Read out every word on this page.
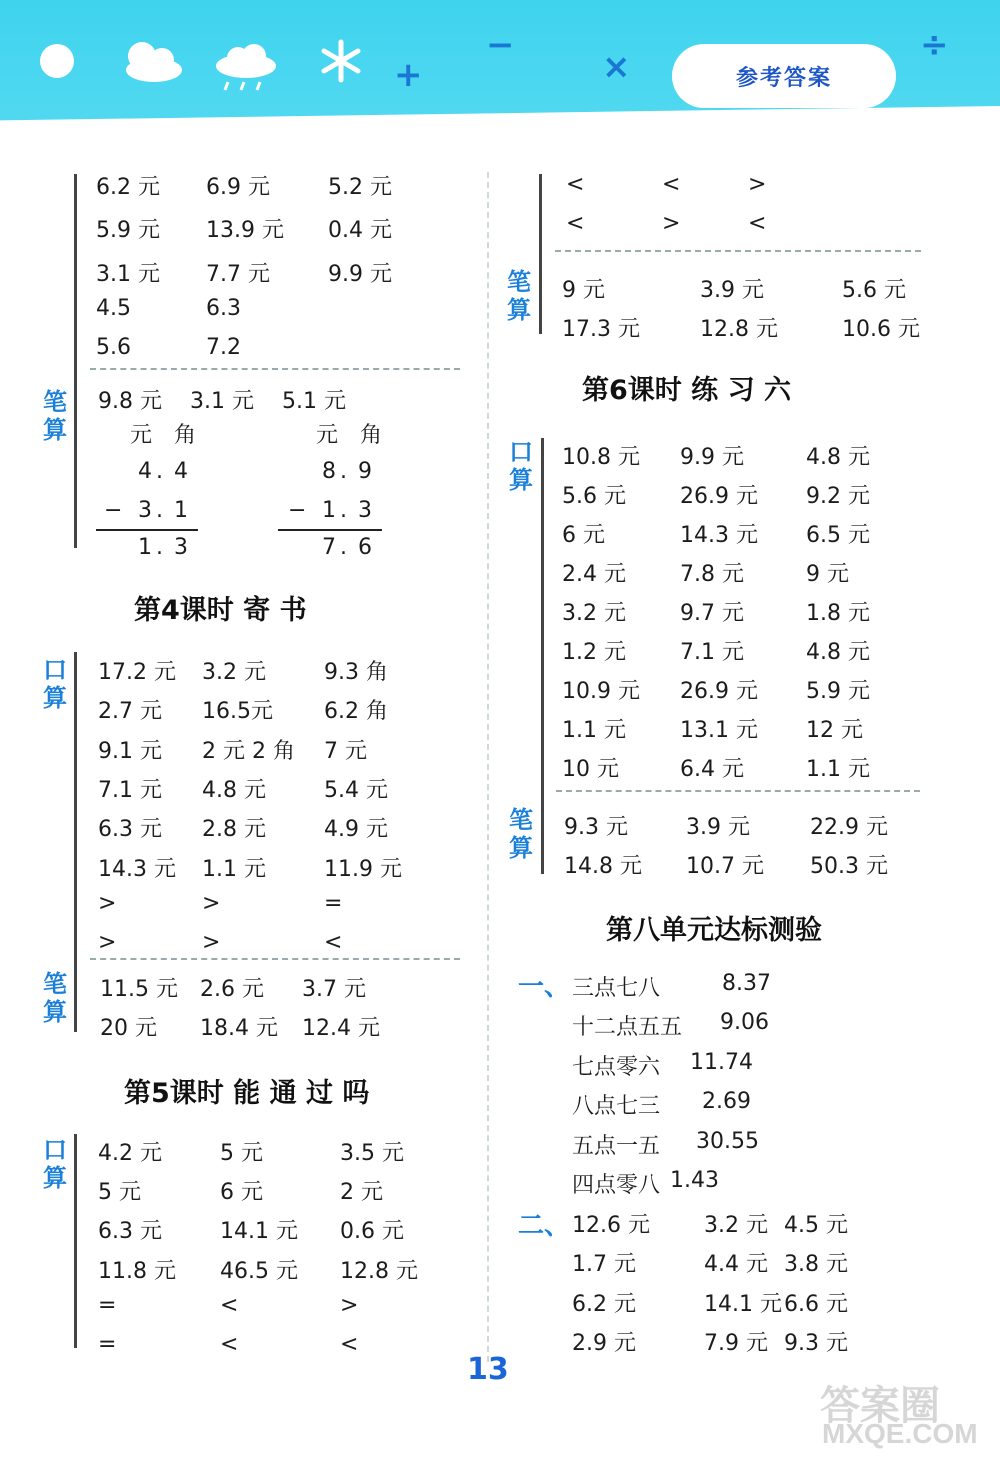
+
−
×
÷
参考答案
6.2 元 6.9 元	5.2 元
5.9 元 13.9 元 0.4 元
3.1 元 7.7 元	9.9 元
4.5	6.3
5.6	7.2
笔算
9.8 元 3.1 元 5.1 元
元 角
4 . 4
− 3 . 1
1 . 3
元 角
8 . 9
− 1 . 3
7 . 6
第4课时 寄 书
口算
17.2 元 3.2 元	9.3 角
2.7 元 16.5元 6.2 角
9.1 元 2 元 2 角 7 元
7.1 元 4.8 元	5.4 元
6.3 元 2.8 元	4.9 元
14.3 元 1.1 元	11.9 元
>	>	=
>	>	<
笔算
11.5 元 2.6 元 3.7 元
20 元 18.4 元 12.4 元
第5课时 能 通 过 吗
口算
4.2 元	5 元	3.5 元
5 元	6 元	2 元
6.3 元	14.1 元 0.6 元
11.8 元 46.5 元 12.8 元
=	<	>
=	<	<
<	<	>
<	>	<
笔算
9 元	3.9 元	5.6 元
17.3 元	12.8 元	10.6 元
第6课时 练 习 六
口算
10.8 元 9.9 元	4.8 元
5.6 元 26.9 元 9.2 元
6 元	14.3 元 6.5 元
2.4 元 7.8 元	9 元
3.2 元 9.7 元	1.8 元
1.2 元 7.1 元	4.8 元
10.9 元 26.9 元 5.9 元
1.1 元 13.1 元 12 元
10 元	6.4 元	1.1 元
笔算
9.3 元	3.9 元	22.9 元
14.8 元 10.7 元 50.3 元
第八单元达标测验
一、 三点七八	8.37
十二点五五 9.06
七点零六 11.74
八点七三 2.69
五点一五 30.55
四点零八 1.43
二、 12.6 元 3.2 元 4.5 元
1.7 元	4.4 元 3.8 元
6.2 元	14.1 元 6.6 元
2.9 元	7.9 元 9.3 元
13
答案圈
MXQE.COM
